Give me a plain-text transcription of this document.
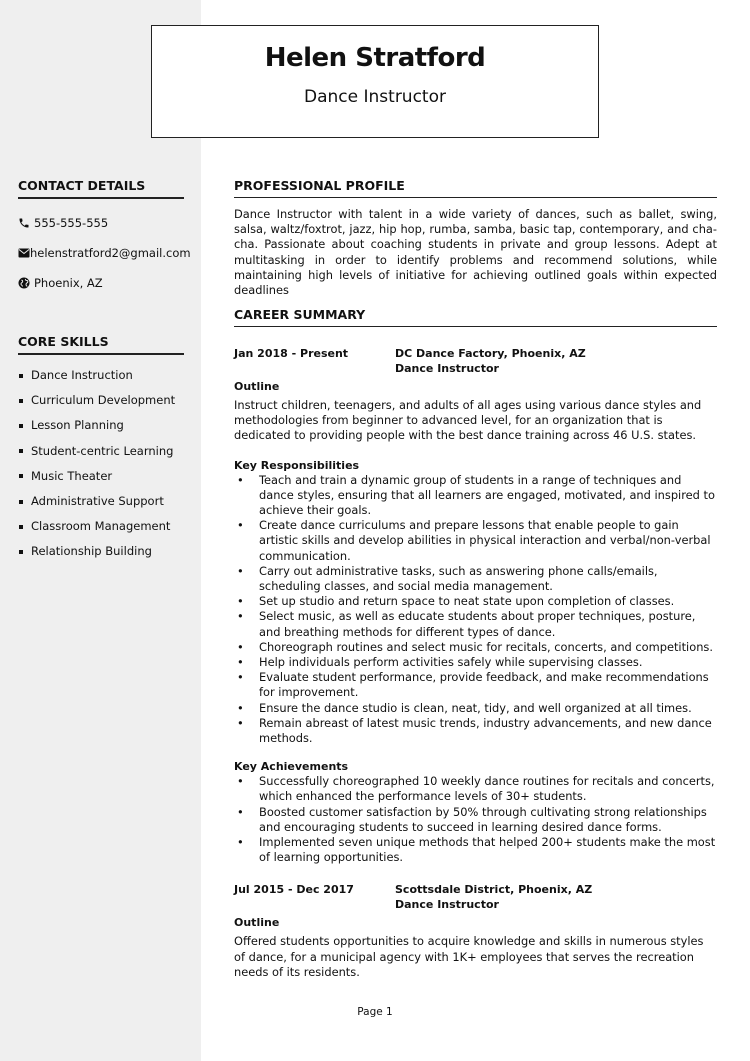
Helen Stratford
Dance Instructor
CONTACT DETAILS
555-555-555
helenstratford2@gmail.com
Phoenix, AZ
CORE SKILLS
Dance Instruction
Curriculum Development
Lesson Planning
Student-centric Learning
Music Theater
Administrative Support
Classroom Management
Relationship Building
PROFESSIONAL PROFILE
Dance Instructor with talent in a wide variety of dances, such as ballet, swing, salsa, waltz/foxtrot, jazz, hip hop, rumba, samba, basic tap, contemporary, and cha-cha. Passionate about coaching students in private and group lessons. Adept at multitasking in order to identify problems and recommend solutions, while maintaining high levels of initiative for achieving outlined goals within expected deadlines
CAREER SUMMARY
Jan 2018 - Present	DC Dance Factory, Phoenix, AZ
Dance Instructor
Outline
Instruct children, teenagers, and adults of all ages using various dance styles and methodologies from beginner to advanced level, for an organization that is dedicated to providing people with the best dance training across 46 U.S. states.
Key Responsibilities
• Teach and train a dynamic group of students in a range of techniques and dance styles, ensuring that all learners are engaged, motivated, and inspired to achieve their goals.
• Create dance curriculums and prepare lessons that enable people to gain artistic skills and develop abilities in physical interaction and verbal/non-verbal communication.
• Carry out administrative tasks, such as answering phone calls/emails, scheduling classes, and social media management.
• Set up studio and return space to neat state upon completion of classes.
• Select music, as well as educate students about proper techniques, posture, and breathing methods for different types of dance.
• Choreograph routines and select music for recitals, concerts, and competitions.
• Help individuals perform activities safely while supervising classes.
• Evaluate student performance, provide feedback, and make recommendations for improvement.
• Ensure the dance studio is clean, neat, tidy, and well organized at all times.
• Remain abreast of latest music trends, industry advancements, and new dance methods.
Key Achievements
• Successfully choreographed 10 weekly dance routines for recitals and concerts, which enhanced the performance levels of 30+ students.
• Boosted customer satisfaction by 50% through cultivating strong relationships and encouraging students to succeed in learning desired dance forms.
• Implemented seven unique methods that helped 200+ students make the most of learning opportunities.
Jul 2015 - Dec 2017	Scottsdale District, Phoenix, AZ
Dance Instructor
Outline
Offered students opportunities to acquire knowledge and skills in numerous styles of dance, for a municipal agency with 1K+ employees that serves the recreation needs of its residents.
Page 1
